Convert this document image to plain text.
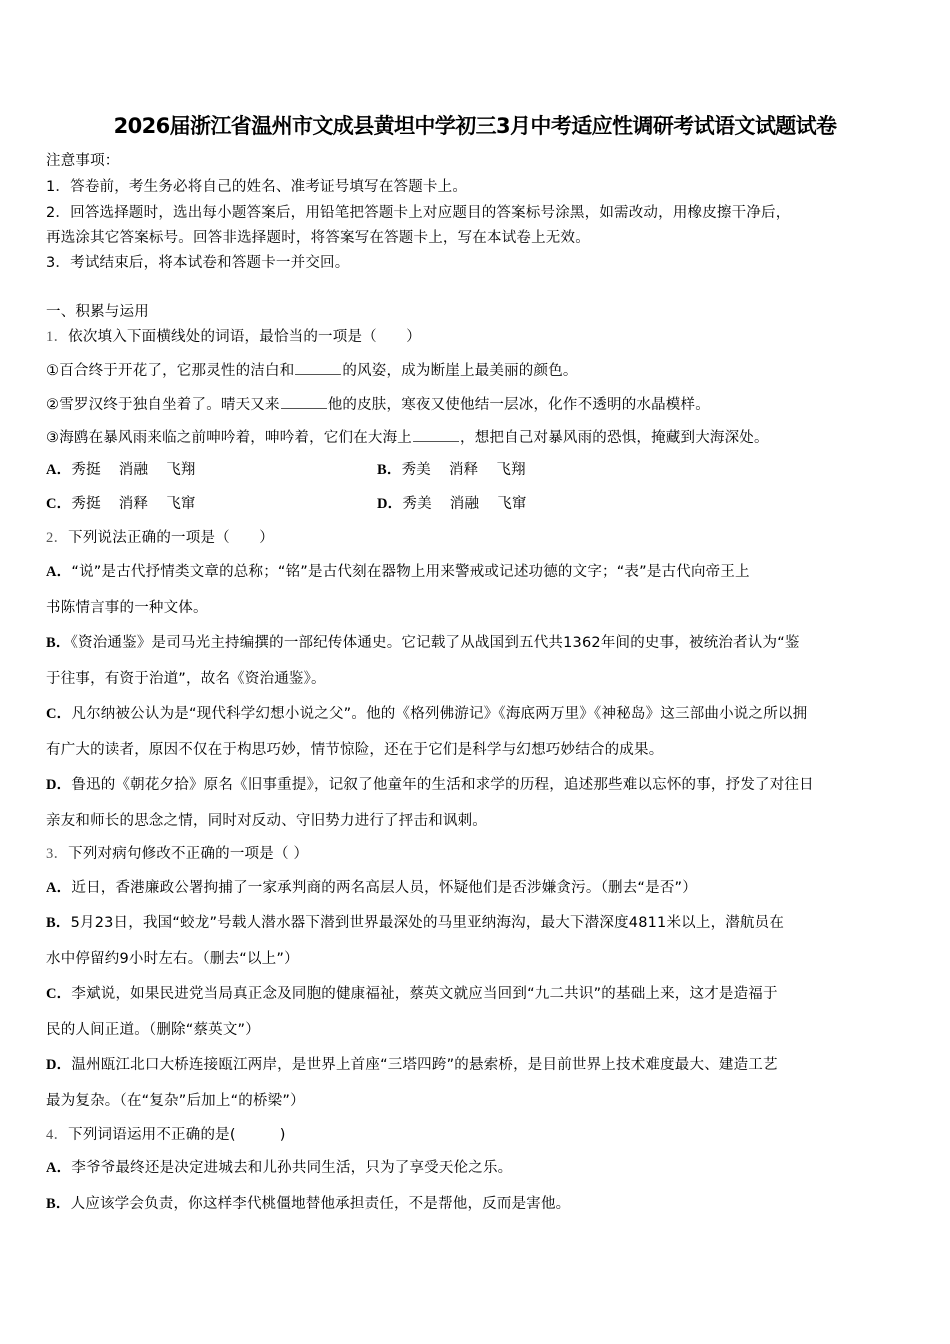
2026届浙江省温州市文成县黄坦中学初三3月中考适应性调研考试语文试题试卷
注意事项：
1．答卷前，考生务必将自己的姓名、准考证号填写在答题卡上。
2．回答选择题时，选出每小题答案后，用铅笔把答题卡上对应题目的答案标号涂黑，如需改动，用橡皮擦干净后，
再选涂其它答案标号。回答非选择题时，将答案写在答题卡上，写在本试卷上无效。
3．考试结束后，将本试卷和答题卡一并交回。
一、积累与运用
1．依次填入下面横线处的词语，最恰当的一项是（　　）
①百合终于开花了，它那灵性的洁白和	的风姿，成为断崖上最美丽的颜色。
②雪罗汉终于独自坐着了。晴天又来	他的皮肤，寒夜又使他结一层冰，化作不透明的水晶模样。
③海鸥在暴风雨来临之前呻吟着，呻吟着，它们在大海上	，想把自己对暴风雨的恐惧，掩藏到大海深处。
A．秀挺 消融 飞翔	B．秀美 消释 飞翔
C．秀挺 消释 飞窜	D．秀美 消融 飞窜
2．下列说法正确的一项是（　　）
A．“说”是古代抒情类文章的总称；“铭”是古代刻在器物上用来警戒或记述功德的文字；“表”是古代向帝王上
书陈情言事的一种文体。
B．《资治通鉴》是司马光主持编撰的一部纪传体通史。它记载了从战国到五代共1362年间的史事，被统治者认为“鉴
于往事，有资于治道”，故名《资治通鉴》。
C．凡尔纳被公认为是“现代科学幻想小说之父”。他的《格列佛游记》《海底两万里》《神秘岛》这三部曲小说之所以拥
有广大的读者，原因不仅在于构思巧妙，情节惊险，还在于它们是科学与幻想巧妙结合的成果。
D．鲁迅的《朝花夕拾》原名《旧事重提》，记叙了他童年的生活和求学的历程，追述那些难以忘怀的事，抒发了对往日
亲友和师长的思念之情，同时对反动、守旧势力进行了抨击和讽刺。
3．下列对病句修改不正确的一项是（ ）
A．近日，香港廉政公署拘捕了一家承判商的两名高层人员，怀疑他们是否涉嫌贪污。（删去“是否”）
B．5月23日，我国“蛟龙”号载人潜水器下潜到世界最深处的马里亚纳海沟，最大下潜深度4811米以上，潜航员在
水中停留约9小时左右。（删去“以上”）
C．李斌说，如果民进党当局真正念及同胞的健康福祉，蔡英文就应当回到“九二共识”的基础上来，这才是造福于
民的人间正道。（删除“蔡英文”）
D．温州瓯江北口大桥连接瓯江两岸，是世界上首座“三塔四跨”的悬索桥，是目前世界上技术难度最大、建造工艺
最为复杂。（在“复杂”后加上“的桥梁”）
4．下列词语运用不正确的是(　　　)
A．李爷爷最终还是决定进城去和儿孙共同生活，只为了享受天伦之乐。
B．人应该学会负责，你这样李代桃僵地替他承担责任，不是帮他，反而是害他。
